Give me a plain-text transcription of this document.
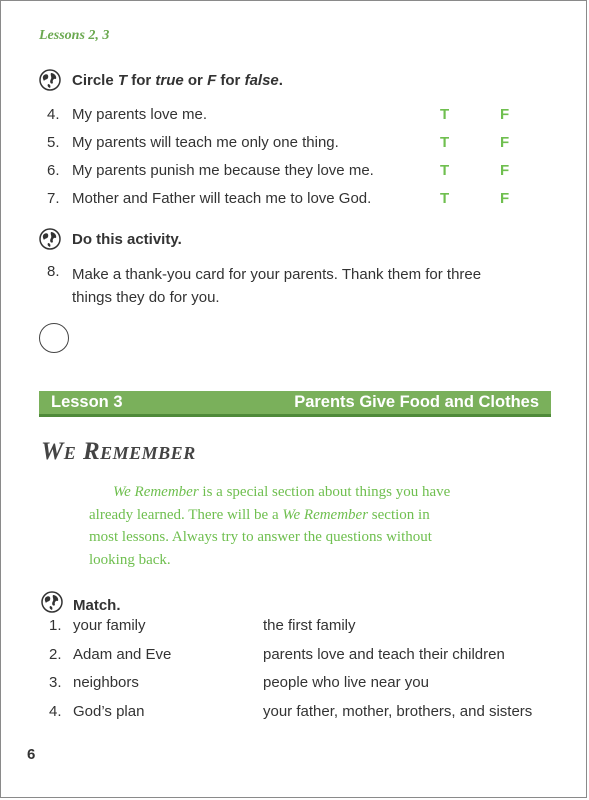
Lessons 2, 3
Circle T for true or F for false.
4. My parents love me.	T	F
5. My parents will teach me only one thing.	T	F
6. My parents punish me because they love me.	T	F
7. Mother and Father will teach me to love God.	T	F
Do this activity.
8. Make a thank-you card for your parents. Thank them for three
things they do for you.
Lesson 3	Parents Give Food and Clothes
We Remember
We Remember is a special section about things you have
already learned. There will be a We Remember section in
most lessons. Always try to answer the questions without
looking back.
Match.
1. your family	the first family
2. Adam and Eve	parents love and teach their children
3. neighbors	people who live near you
4. God’s plan	your father, mother, brothers, and sisters
6
